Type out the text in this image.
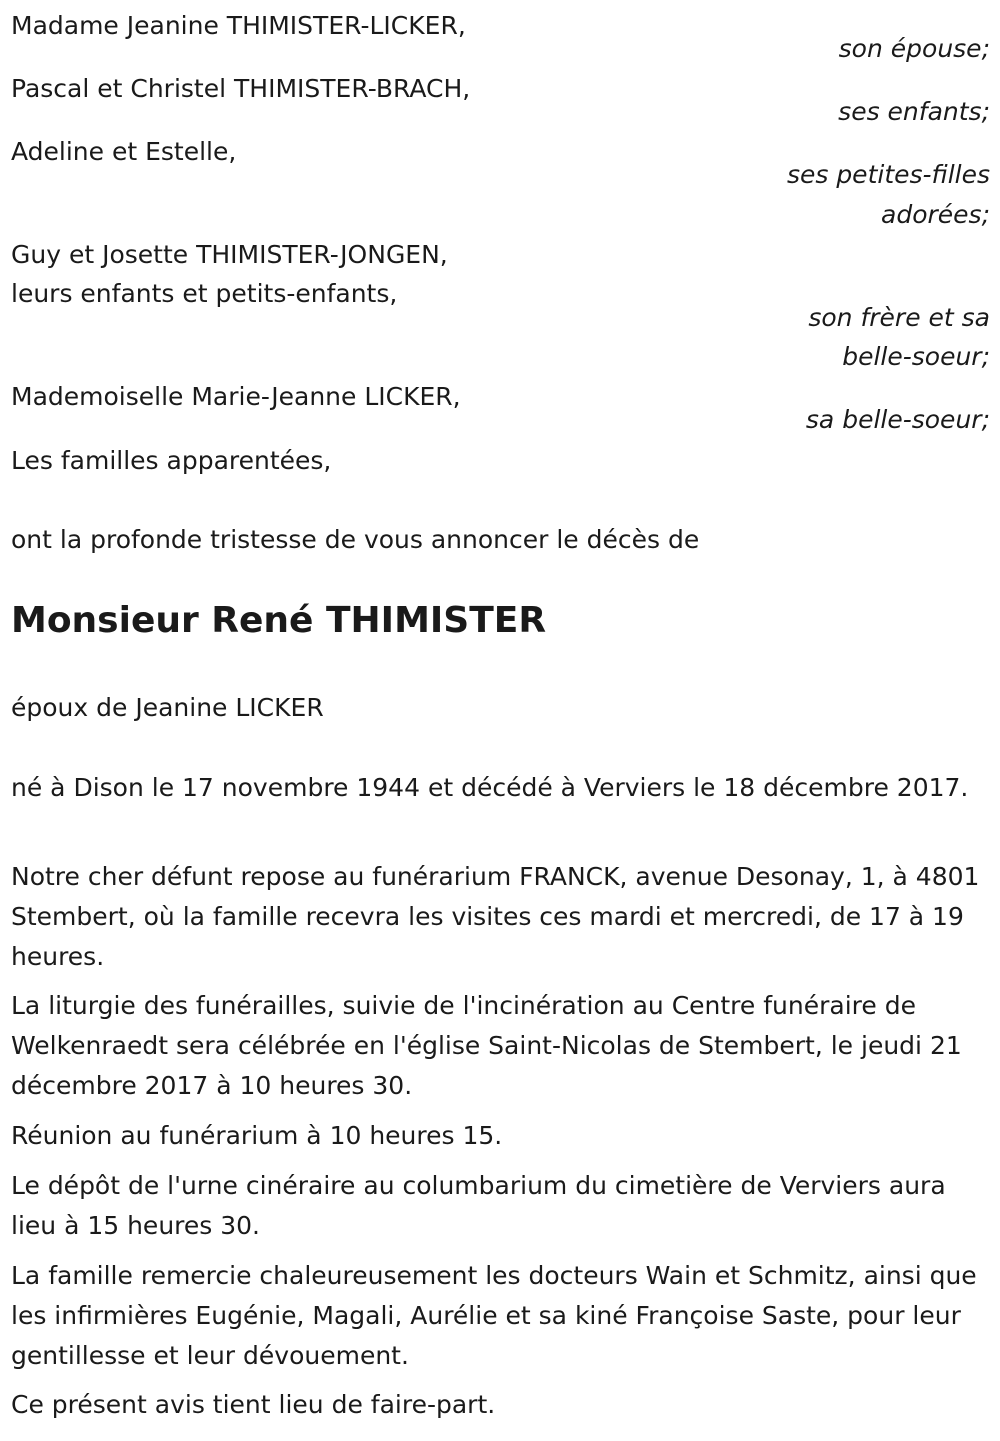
Madame Jeanine THIMISTER-LICKER,
son épouse;
Pascal et Christel THIMISTER-BRACH,
ses enfants;
Adeline et Estelle,
ses petites-filles
adorées;
Guy et Josette THIMISTER-JONGEN,
leurs enfants et petits-enfants,
son frère et sa
belle-soeur;
Mademoiselle Marie-Jeanne LICKER,
sa belle-soeur;
Les familles apparentées,
ont la profonde tristesse de vous annoncer le décès de
Monsieur René THIMISTER
époux de Jeanine LICKER
né à Dison le 17 novembre 1944 et décédé à Verviers le 18 décembre 2017.
Notre cher défunt repose au funérarium FRANCK, avenue Desonay, 1, à 4801 Stembert, où la famille recevra les visites ces mardi et mercredi, de 17 à 19 heures.
La liturgie des funérailles, suivie de l'incinération au Centre funéraire de Welkenraedt sera célébrée en l'église Saint-Nicolas de Stembert, le jeudi 21 décembre 2017 à 10 heures 30.
Réunion au funérarium à 10 heures 15.
Le dépôt de l'urne cinéraire au columbarium du cimetière de Verviers aura lieu à 15 heures 30.
La famille remercie chaleureusement les docteurs Wain et Schmitz, ainsi que les infirmières Eugénie, Magali, Aurélie et sa kiné Françoise Saste, pour leur gentillesse et leur dévouement.
Ce présent avis tient lieu de faire-part.
